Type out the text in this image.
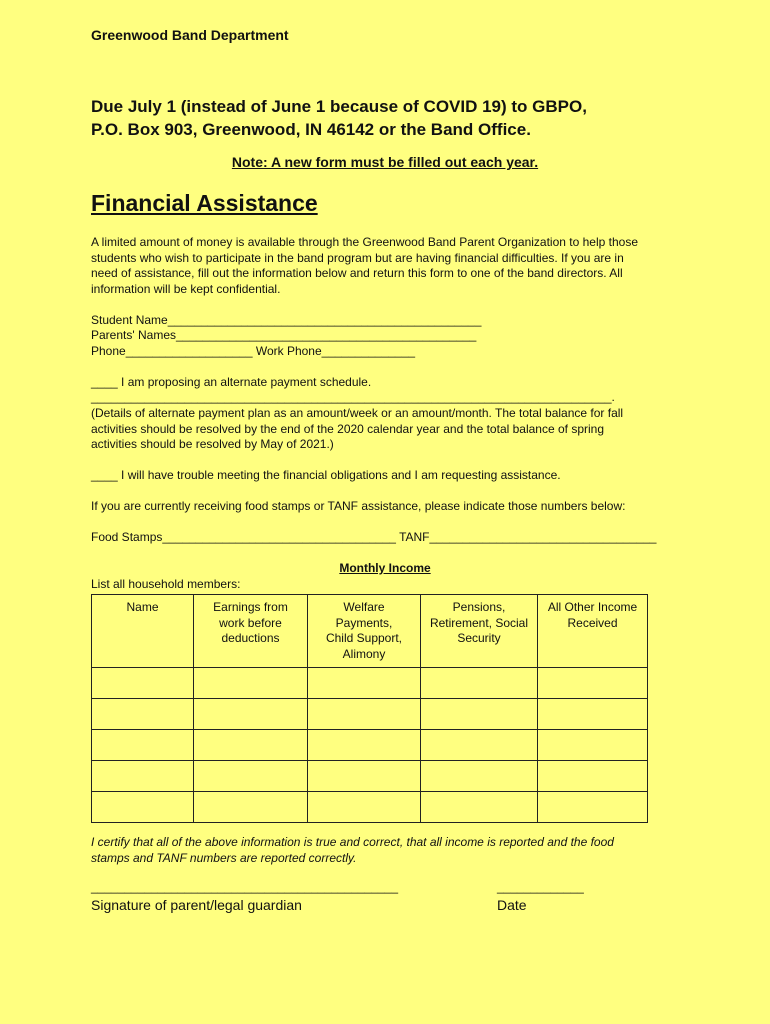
Greenwood Band Department
Due July 1 (instead of June 1 because of COVID 19) to GBPO,
P.O. Box 903, Greenwood, IN 46142 or the Band Office.
Note: A new form must be filled out each year.
Financial Assistance
A limited amount of money is available through the Greenwood Band Parent Organization to help those
students who wish to participate in the band program but are having financial difficulties. If you are in
need of assistance, fill out the information below and return this form to one of the band directors. All
information will be kept confidential.
Student Name_______________________________________________
Parents' Names_____________________________________________
Phone___________________ Work Phone______________
____ I am proposing an alternate payment schedule.
______________________________________________________________________________.
(Details of alternate payment plan as an amount/week or an amount/month. The total balance for fall
activities should be resolved by the end of the 2020 calendar year and the total balance of spring
activities should be resolved by May of 2021.)
____ I will have trouble meeting the financial obligations and I am requesting assistance.
If you are currently receiving food stamps or TANF assistance, please indicate those numbers below:
Food Stamps___________________________________ TANF__________________________________
Monthly Income
List all household members:
Name	Earnings from work before deductions	Welfare Payments, Child Support, Alimony	Pensions, Retirement, Social Security	All Other Income Received

I certify that all of the above information is true and correct, that all income is reported and the food
stamps and TANF numbers are reported correctly.
______________________________________________	_____________
Signature of parent/legal guardian	Date
